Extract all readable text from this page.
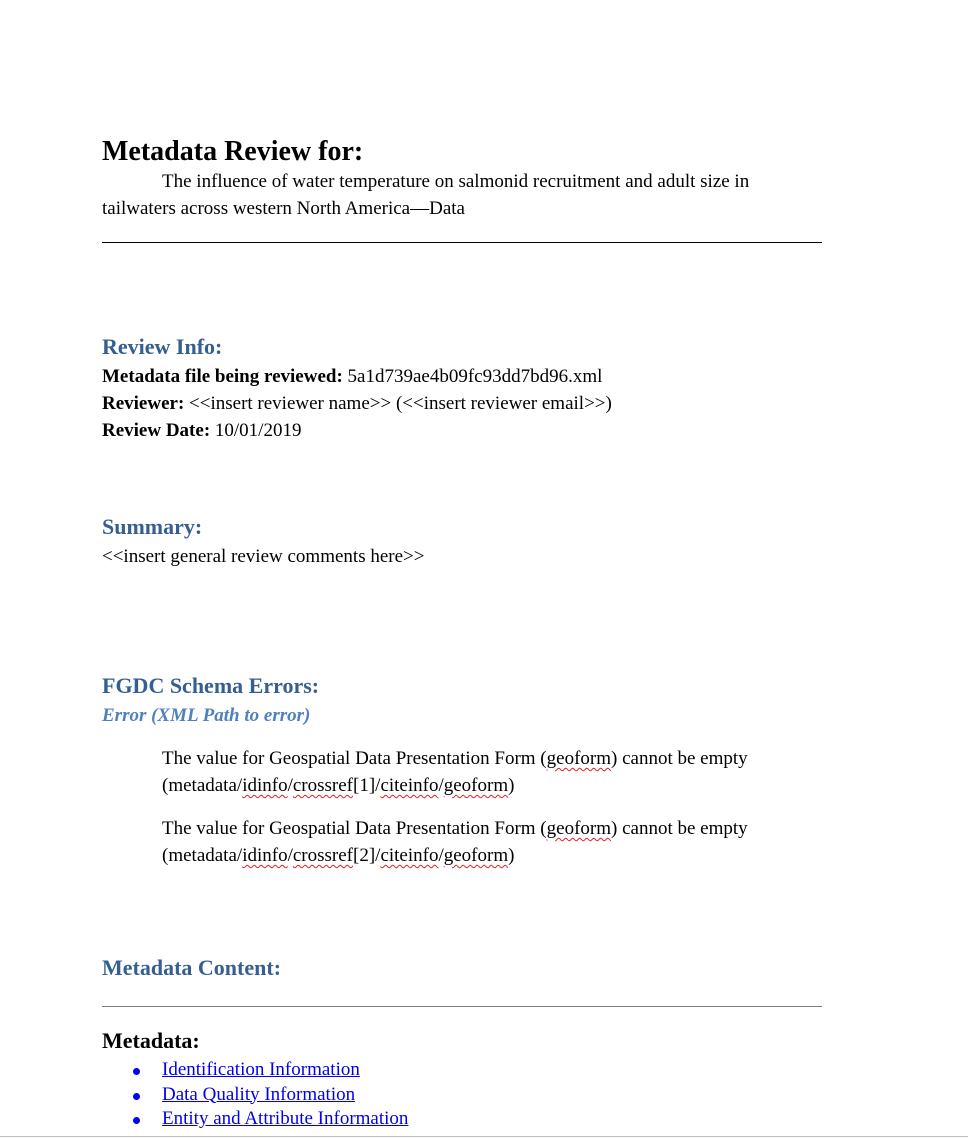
Metadata Review for:

The influence of water temperature on salmonid recruitment and adult size in tailwaters across western North America—Data

Review Info:
Metadata file being reviewed: 5a1d739ae4b09fc93dd7bd96.xml
Reviewer: <<insert reviewer name>> (<<insert reviewer email>>)
Review Date: 10/01/2019
Summary:

<<insert general review comments here>>

FGDC Schema Errors:

Error (XML Path to error)

The value for Geospatial Data Presentation Form (geoform) cannot be empty
(metadata/idinfo/crossref[1]/citeinfo/geoform)

The value for Geospatial Data Presentation Form (geoform) cannot be empty
(metadata/idinfo/crossref[2]/citeinfo/geoform)

Metadata Content:
Metadata:
Identification Information
Data Quality Information
Entity and Attribute Information
